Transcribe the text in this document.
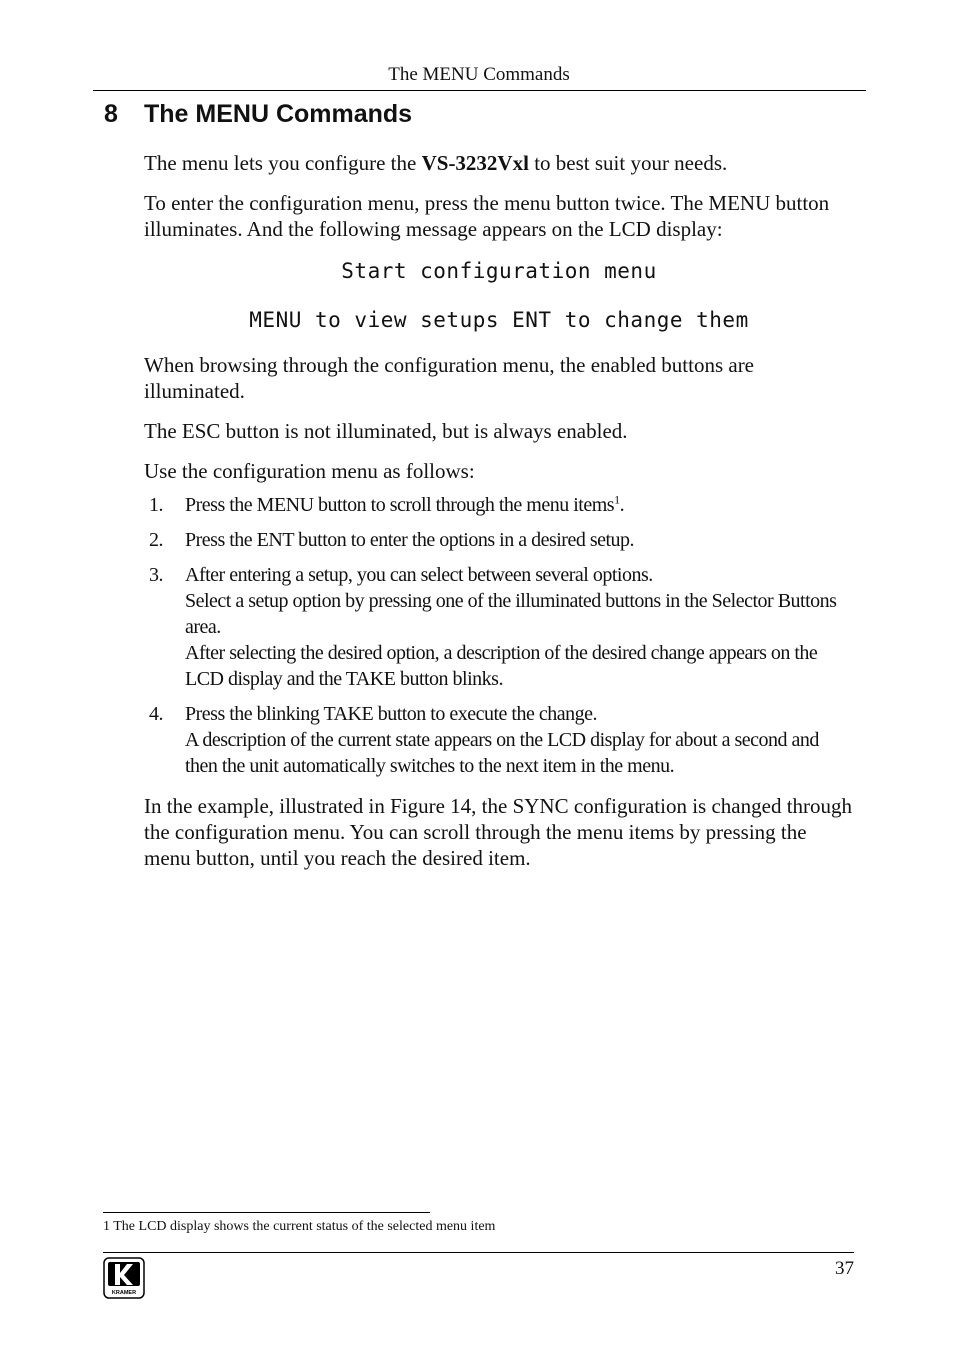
The MENU Commands
8 The MENU Commands

The menu lets you configure the VS-3232Vxl to best suit your needs.

To enter the configuration menu, press the menu button twice. The MENU button illuminates. And the following message appears on the LCD display:

Start configuration menu

MENU to view setups ENT to change them

When browsing through the configuration menu, the enabled buttons are illuminated.

The ESC button is not illuminated, but is always enabled.

Use the configuration menu as follows:

1. Press the MENU button to scroll through the menu items$^1$.
2. Press the ENT button to enter the options in a desired setup.
3. After entering a setup, you can select between several options.
Select a setup option by pressing one of the illuminated buttons in the Selector Buttons area.
After selecting the desired option, a description of the desired change appears on the LCD display and the TAKE button blinks.
4. Press the blinking TAKE button to execute the change.
A description of the current state appears on the LCD display for about a second and then the unit automatically switches to the next item in the menu.

In the example, illustrated in Figure 14, the SYNC configuration is changed through the configuration menu. You can scroll through the menu items by pressing the menu button, until you reach the desired item.

1 The LCD display shows the current status of the selected menu item
37
KRAMER
